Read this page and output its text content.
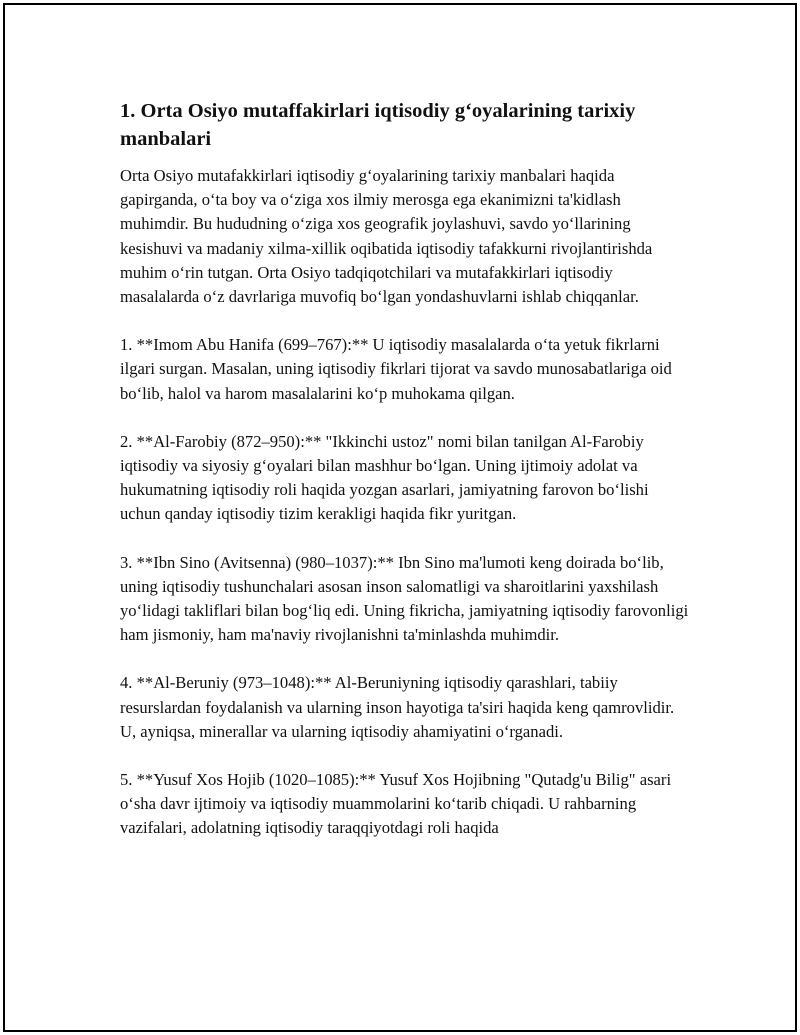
1. Orta Osiyo mutaffakirlari iqtisodiy g‘oyalarining tarixiy manbalari

Orta Osiyo mutafakkirlari iqtisodiy g‘oyalarining tarixiy manbalari haqida gapirganda, o‘ta boy va o‘ziga xos ilmiy merosga ega ekanimizni ta'kidlash muhimdir. Bu hududning o‘ziga xos geografik joylashuvi, savdo yo‘llarining kesishuvi va madaniy xilma-xillik oqibatida iqtisodiy tafakkurni rivojlantirishda muhim o‘rin tutgan. Orta Osiyo tadqiqotchilari va mutafakkirlari iqtisodiy masalalarda o‘z davrlariga muvofiq bo‘lgan yondashuvlarni ishlab chiqqanlar.

1. **Imom Abu Hanifa (699–767):** U iqtisodiy masalalarda o‘ta yetuk fikrlarni ilgari surgan. Masalan, uning iqtisodiy fikrlari tijorat va savdo munosabatlariga oid bo‘lib, halol va harom masalalarini ko‘p muhokama qilgan.

2. **Al-Farobiy (872–950):** "Ikkinchi ustoz" nomi bilan tanilgan Al-Farobiy iqtisodiy va siyosiy g‘oyalari bilan mashhur bo‘lgan. Uning ijtimoiy adolat va hukumatning iqtisodiy roli haqida yozgan asarlari, jamiyatning farovon bo‘lishi uchun qanday iqtisodiy tizim kerakligi haqida fikr yuritgan.

3. **Ibn Sino (Avitsenna) (980–1037):** Ibn Sino ma'lumoti keng doirada bo‘lib, uning iqtisodiy tushunchalari asosan inson salomatligi va sharoitlarini yaxshilash yo‘lidagi takliflari bilan bog‘liq edi. Uning fikricha, jamiyatning iqtisodiy farovonligi ham jismoniy, ham ma'naviy rivojlanishni ta'minlashda muhimdir.

4. **Al-Beruniy (973–1048):** Al-Beruniyning iqtisodiy qarashlari, tabiiy resurslardan foydalanish va ularning inson hayotiga ta'siri haqida keng qamrovlidir. U, ayniqsa, minerallar va ularning iqtisodiy ahamiyatini o‘rganadi.

5. **Yusuf Xos Hojib (1020–1085):** Yusuf Xos Hojibning "Qutadg'u Bilig" asari o‘sha davr ijtimoiy va iqtisodiy muammolarini ko‘tarib chiqadi. U rahbarning vazifalari, adolatning iqtisodiy taraqqiyotdagi roli haqida
